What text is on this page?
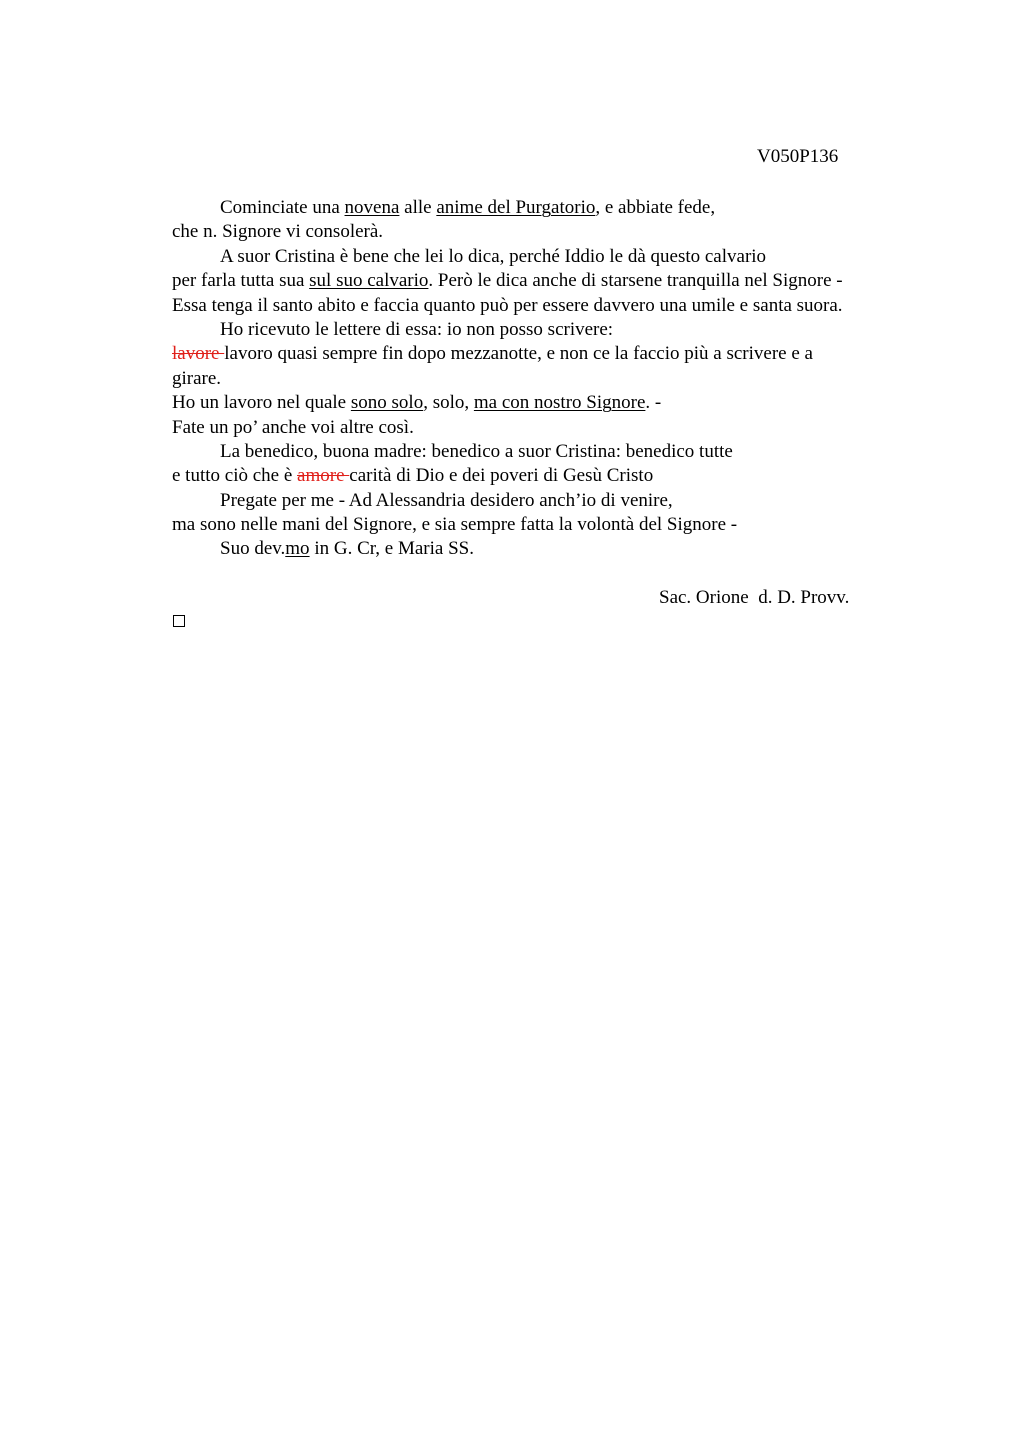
V050P136
Cominciate una novena alle anime del Purgatorio, e abbiate fede,
che n. Signore vi consolerà.
A suor Cristina è bene che lei lo dica, perché Iddio le dà questo calvario
per farla tutta sua sul suo calvario. Però le dica anche di starsene tranquilla nel Signore -
Essa tenga il santo abito e faccia quanto può per essere davvero una umile e santa suora.
Ho ricevuto le lettere di essa: io non posso scrivere:
lavore lavoro quasi sempre fin dopo mezzanotte, e non ce la faccio più a scrivere e a
girare.
Ho un lavoro nel quale sono solo, solo, ma con nostro Signore. -
Fate un po’ anche voi altre così.
La benedico, buona madre: benedico a suor Cristina: benedico tutte
e tutto ciò che è amore carità di Dio e dei poveri di Gesù Cristo
Pregate per me - Ad Alessandria desidero anch’io di venire,
ma sono nelle mani del Signore, e sia sempre fatta la volontà del Signore -
Suo dev.mo in G. Cr, e Maria SS.
Sac. Orione  d. D. Provv.
